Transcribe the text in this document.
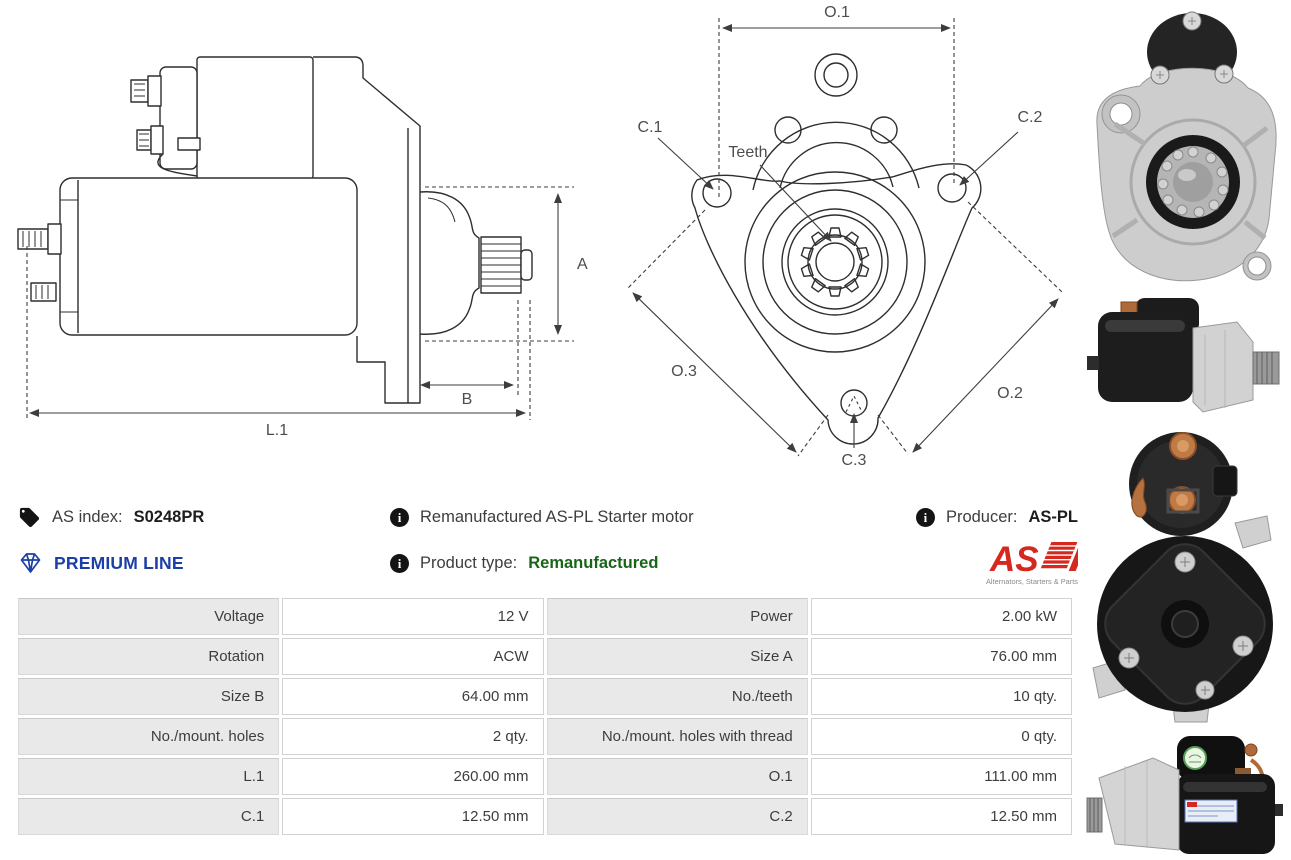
A
B
L.1
O.1
C.1
C.2
Teeth
O.3
O.2
C.3
AS index: S0248PR	i	Remanufactured AS-PL Starter motor	i	Producer: AS-PL
PREMIUM LINE	i	Product type: Remanufactured	AS
Alternators, Starters & Parts
Voltage	12 V	Power	2.00 kW
Rotation	ACW	Size A	76.00 mm
Size B	64.00 mm	No./teeth	10 qty.
No./mount. holes	2 qty.	No./mount. holes with thread	0 qty.
L.1	260.00 mm	O.1	111.00 mm
C.1	12.50 mm	C.2	12.50 mm
